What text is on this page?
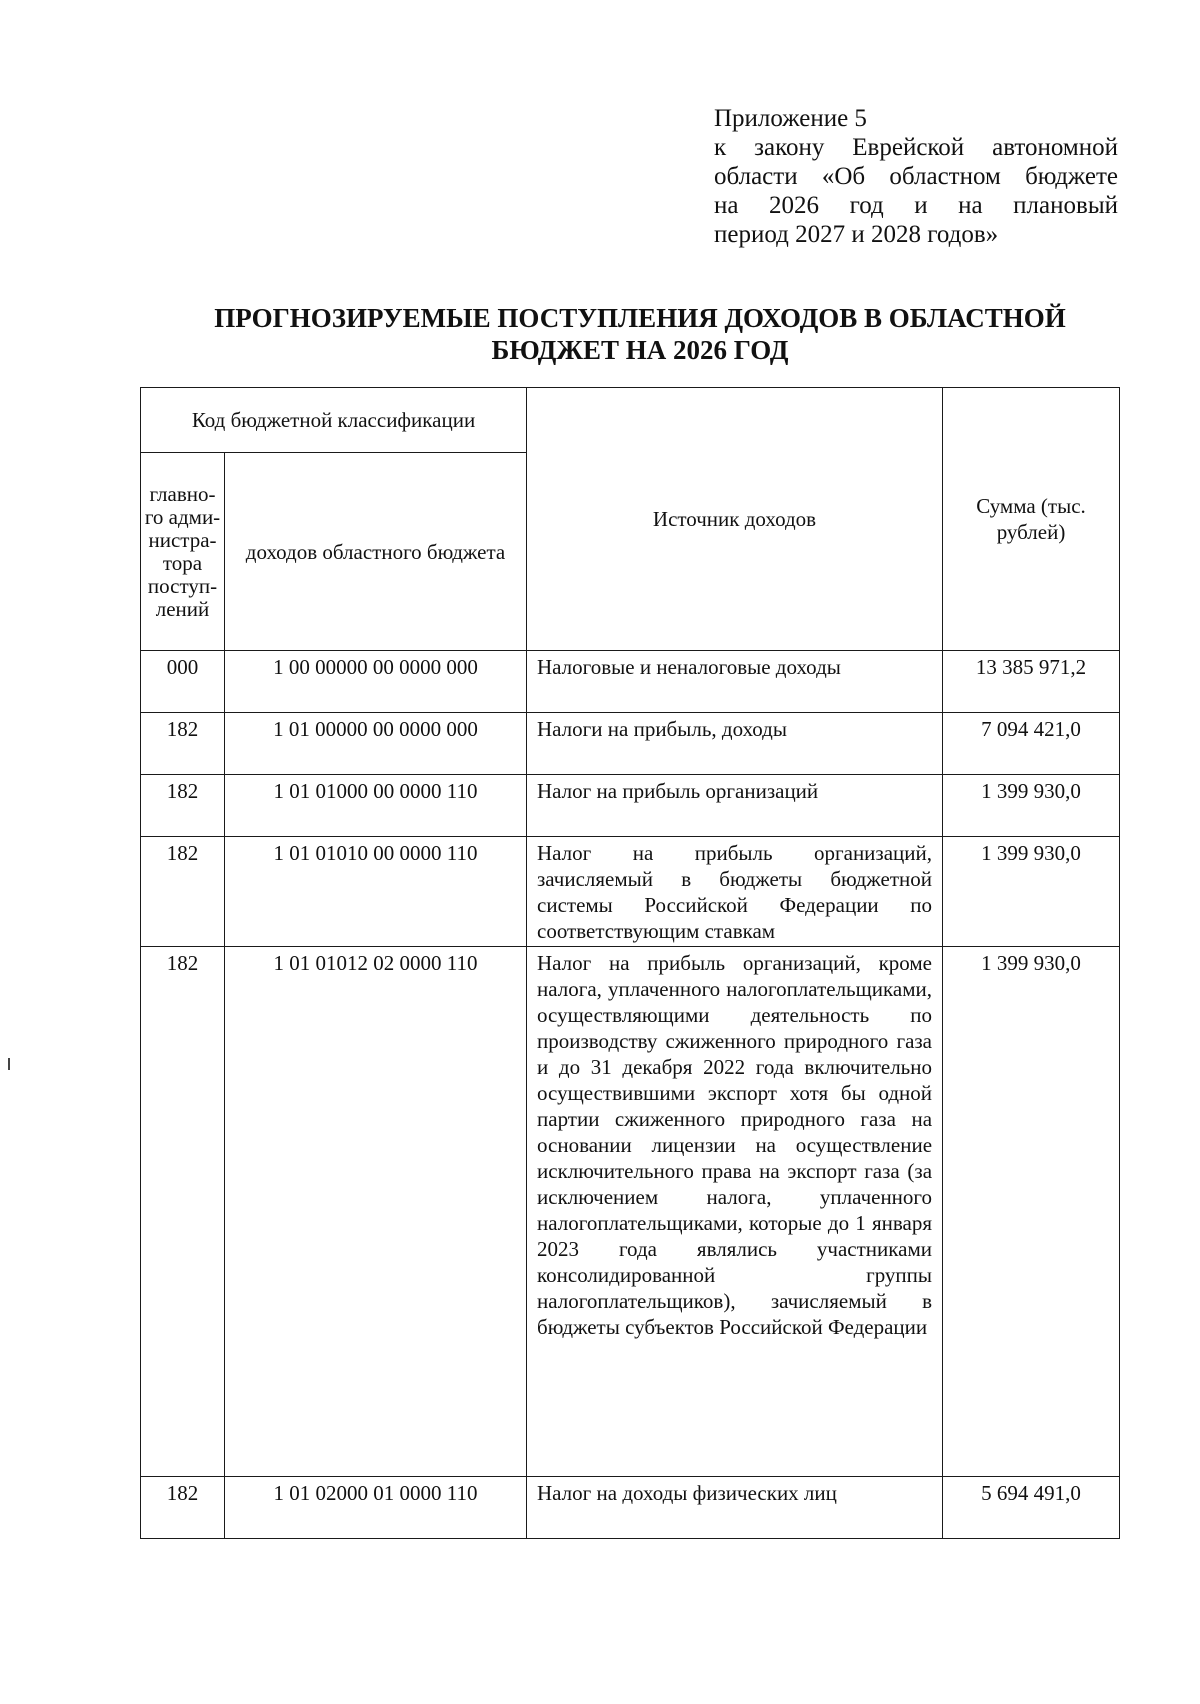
Приложение 5
к закону Еврейской автономной
области «Об областном бюджете
на 2026 год и на плановый
период 2027 и 2028 годов»
ПРОГНОЗИРУЕМЫЕ ПОСТУПЛЕНИЯ ДОХОДОВ В ОБЛАСТНОЙ
БЮДЖЕТ НА 2026 ГОД
Код бюджетной классификации		Источник доходов	Сумма (тыс. рублей)
главно-го адми-нистра-тора поступ-лений	доходов областного бюджета		
000	1 00 00000 00 0000 000	Налоговые и неналоговые доходы	13 385 971,2
182	1 01 00000 00 0000 000	Налоги на прибыль, доходы	7 094 421,0
182	1 01 01000 00 0000 110	Налог на прибыль организаций	1 399 930,0
182	1 01 01010 00 0000 110	Налог на прибыль организаций, зачисляемый в бюджеты бюджетной системы Российской Федерации по соответствующим ставкам	1 399 930,0
182	1 01 01012 02 0000 110	Налог на прибыль организаций, кроме налога, уплаченного налогоплательщиками, осуществляющими деятельность по производству сжиженного природного газа и до 31 декабря 2022 года включительно осуществившими экспорт хотя бы одной партии сжиженного природного газа на основании лицензии на осуществление исключительного права на экспорт газа (за исключением налога, уплаченного налогоплательщиками, которые до 1 января 2023 года являлись участниками консолидированной группы налогоплательщиков), зачисляемый в бюджеты субъектов Российской Федерации	1 399 930,0
182	1 01 02000 01 0000 110	Налог на доходы физических лиц	5 694 491,0
